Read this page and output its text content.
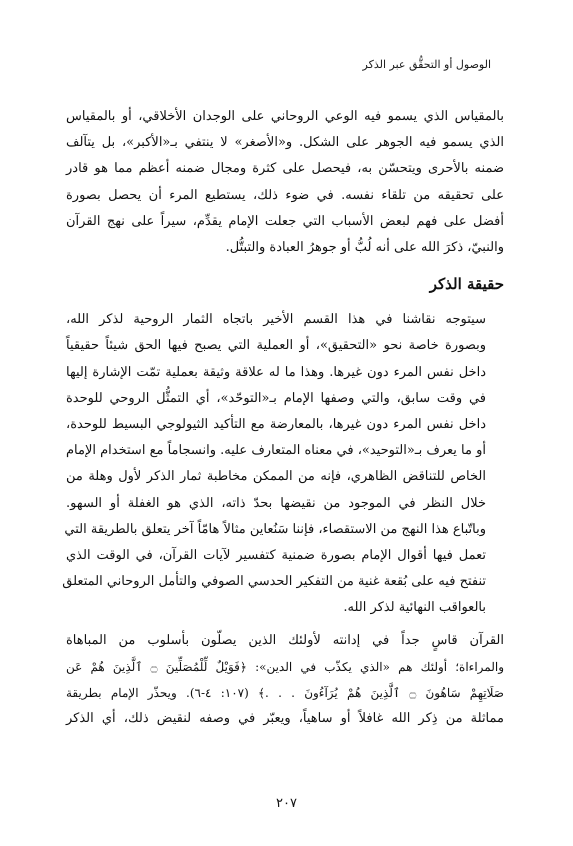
الوصول أو التحقُّق عبر الذكر
بالمقياس الذي يسمو فيه الوعي الروحاني على الوجدان الأخلاقي، أو بالمقياس
الذي يسمو فيه الجوهر على الشكل. و«الأصغر» لا ينتفي بـ«الأكبر»، بل يتآلف
ضمنه بالأحرى ويتحسّن به، فيحصل على كثرة ومجال ضمنه أعظم مما هو قادر
على تحقيقه من تلقاء نفسه. في ضوء ذلك، يستطيع المرء أن يحصل بصورة
أفضل على فهم لبعض الأسباب التي جعلت الإمام يقدِّم، سيراً على نهج القرآن
والنبيّ، ذكرَ الله على أنه لُبُّ أو جوهرُ العبادة والتبتُّل.
حقيقة الذكر
سيتوجه نقاشنا في هذا القسم الأخير باتجاه الثمار الروحية لذكر الله،
وبصورة خاصة نحو «التحقيق»، أو العملية التي يصبح فيها الحق شيئاً حقيقياً
داخل نفس المرء دون غيرها. وهذا ما له علاقة وثيقة بعملية تمّت الإشارة إليها
في وقت سابق، والتي وصفها الإمام بـ«التوحّد»، أي التمثُّل الروحي للوحدة
داخل نفس المرء دون غيرها، بالمعارضة مع التأكيد الثيولوجي البسيط للوحدة،
أو ما يعرف بـ«التوحيد»، في معناه المتعارف عليه. وانسجاماً مع استخدام الإمام
الخاص للتناقض الظاهري، فإنه من الممكن مخاطبة ثمار الذكر لأول وهلة من
خلال النظر في الموجود من نقيضها بحدّ ذاته، الذي هو الغفلة أو السهو.
وباتّباع هذا النهج من الاستقصاء، فإننا سَنُعاين مثالاً هامّاً آخر يتعلق بالطريقة التي
تعمل فيها أقوال الإمام بصورة ضمنية كتفسير لآيات القرآن، في الوقت الذي
تنفتح فيه على بُقعة غنية من التفكير الحدسي الصوفي والتأمل الروحاني المتعلق
بالعواقب النهائية لذكر الله.
القرآن قاسٍ جداً في إدانته لأولئك الذين يصلّون بأسلوب من المباهاة
والمراءاة؛ أولئك هم «الذي يكذّب في الدين»: ﴿فَوَيْلٌ لِّلْمُصَلِّينَ ۝ ٱلَّذِينَ هُمْ عَن
صَلَاتِهِمْ سَاهُونَ ۝ ٱلَّذِينَ هُمْ يُرَآءُونَ . . .﴾ (١٠٧: ٤-٦). ويحذّر الإمام بطريقة
مماثلة من ذِكر الله غافلاً أو ساهياً، ويعبّر في وصفه لنقيض ذلك، أي الذكر
٢٠٧
